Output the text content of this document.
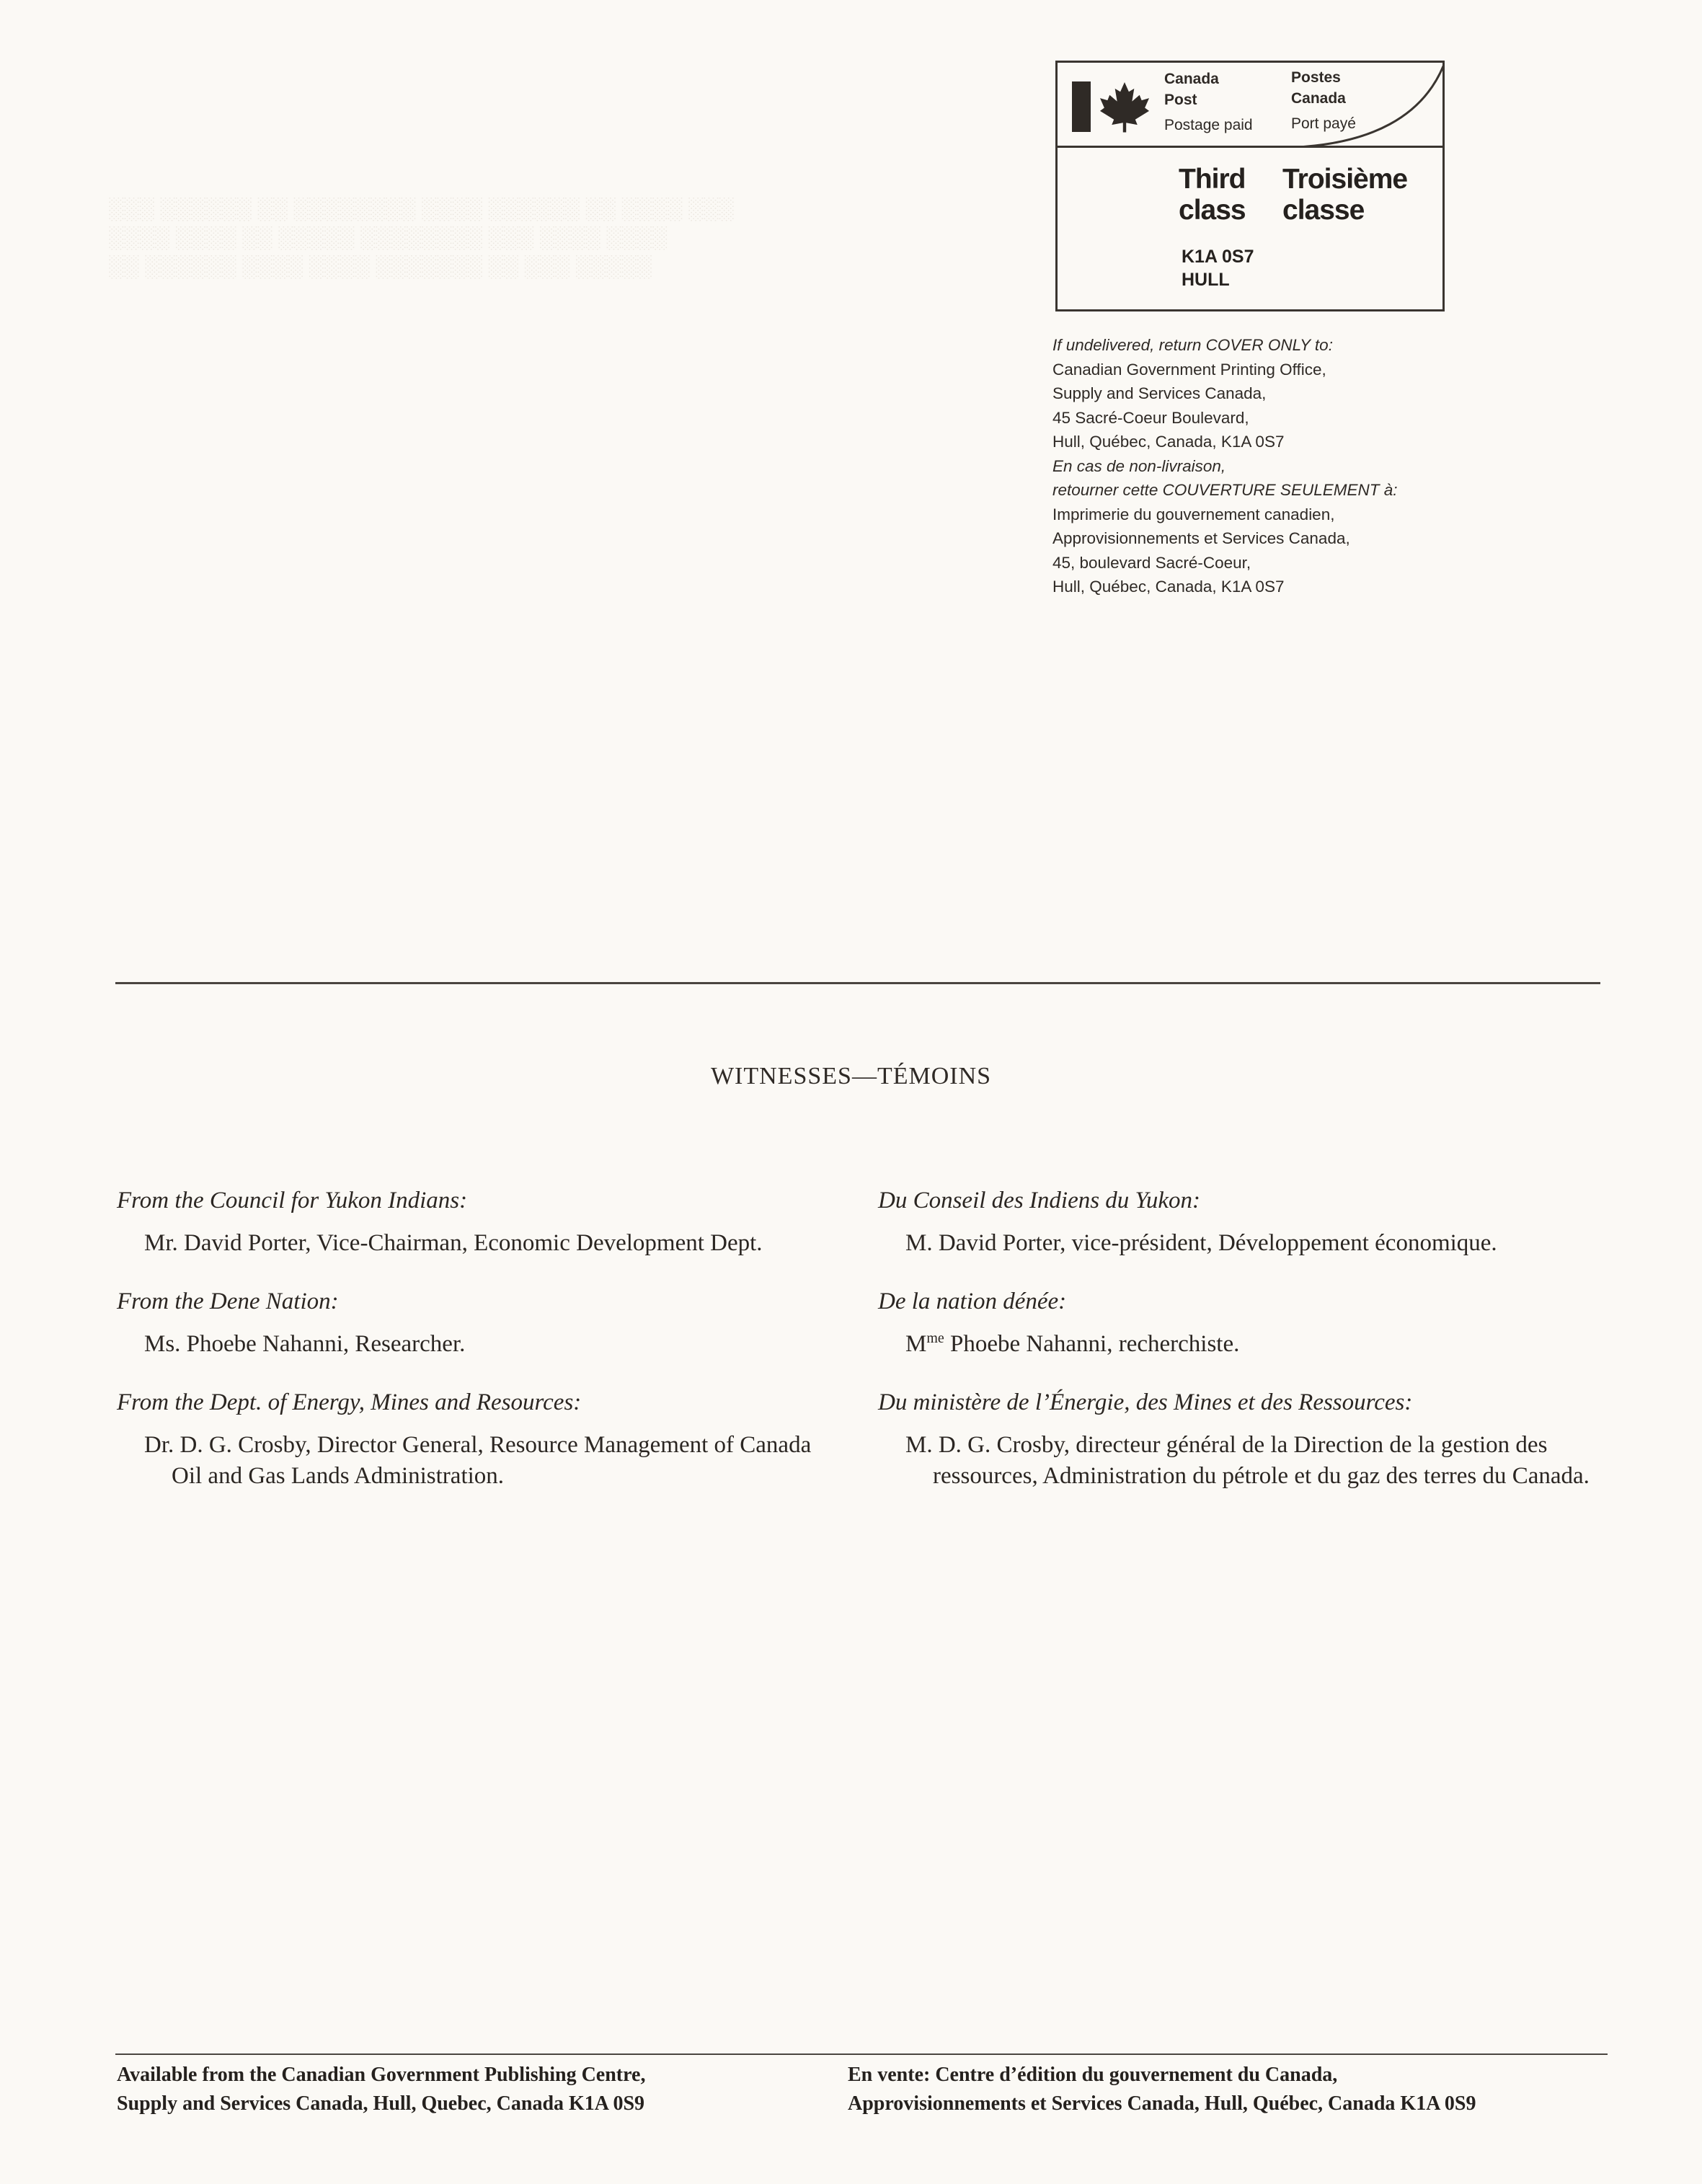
░░░ ░░░░░░ ░░ ░░░░░░░░ ░░░░ ░░░░░░ ░░ ░░░░ ░░░
░░░░ ░░░░ ░░ ░░░░░ ░░░░░░░░ ░░░ ░░░░ ░░░░
░░ ░░░░░░ ░░░░ ░░░░ ░░░░░░░ ░░ ░░░ ░░░░░
Canada
Post
Postes
Canada
Postage paid	Port payé
Third
class
Troisième
classe
K1A 0S7
HULL
If undelivered, return COVER ONLY to:
Canadian Government Printing Office,
Supply and Services Canada,
45 Sacré-Coeur Boulevard,
Hull, Québec, Canada, K1A 0S7
En cas de non-livraison,
retourner cette COUVERTURE SEULEMENT à:
Imprimerie du gouvernement canadien,
Approvisionnements et Services Canada,
45, boulevard Sacré-Coeur,
Hull, Québec, Canada, K1A 0S7
WITNESSES—TÉMOINS

From the Council for Yukon Indians:

Mr. David Porter, Vice-Chairman, Economic Development Dept.

From the Dene Nation:

Ms. Phoebe Nahanni, Researcher.

From the Dept. of Energy, Mines and Resources:

Dr. D. G. Crosby, Director General, Resource Management of Canada Oil and Gas Lands Administration.

Du Conseil des Indiens du Yukon:

M. David Porter, vice-président, Développement économique.

De la nation dénée:

$M^{me}$ Phoebe Nahanni, recherchiste.

Du ministère de l’Énergie, des Mines et des Ressources:

M. D. G. Crosby, directeur général de la Direction de la gestion des ressources, Administration du pétrole et du gaz des terres du Canada.

Available from the Canadian Government Publishing Centre,
Supply and Services Canada, Hull, Quebec, Canada K1A 0S9
En vente: Centre d’édition du gouvernement du Canada,
Approvisionnements et Services Canada, Hull, Québec, Canada K1A 0S9
